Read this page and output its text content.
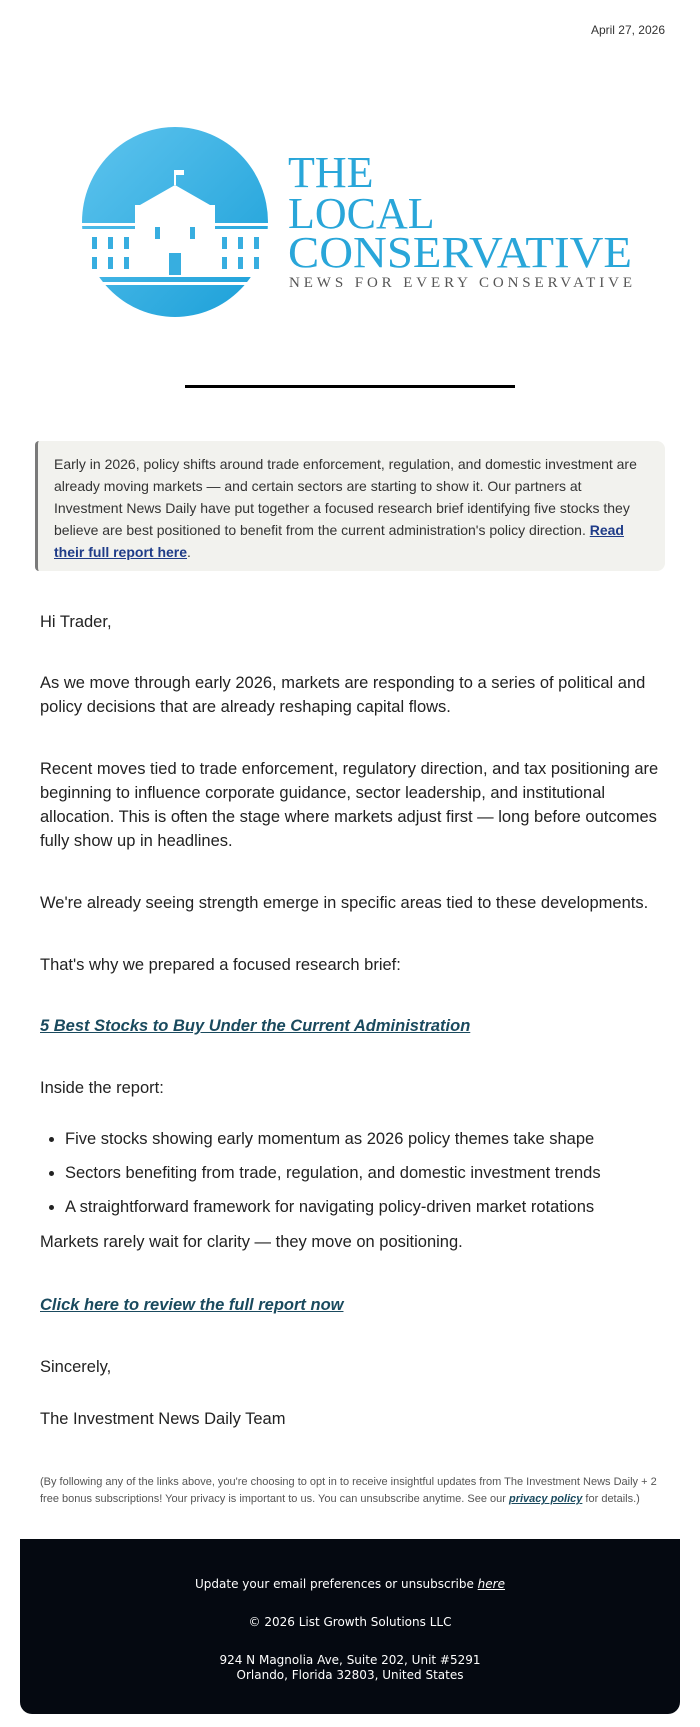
April 27, 2026
THE
LOCAL
CONSERVATIVE
NEWS FOR EVERY CONSERVATIVE
Early in 2026, policy shifts around trade enforcement, regulation, and domestic investment are already moving markets — and certain sectors are starting to show it. Our partners at Investment News Daily have put together a focused research brief identifying five stocks they believe are best positioned to benefit from the current administration's policy direction. Read their full report here.
Hi Trader,
As we move through early 2026, markets are responding to a series of political and policy decisions that are already reshaping capital flows.
Recent moves tied to trade enforcement, regulatory direction, and tax positioning are beginning to influence corporate guidance, sector leadership, and institutional allocation. This is often the stage where markets adjust first — long before outcomes fully show up in headlines.
We're already seeing strength emerge in specific areas tied to these developments.
That's why we prepared a focused research brief:
5 Best Stocks to Buy Under the Current Administration
Inside the report:
• Five stocks showing early momentum as 2026 policy themes take shape
• Sectors benefiting from trade, regulation, and domestic investment trends
• A straightforward framework for navigating policy-driven market rotations
Markets rarely wait for clarity — they move on positioning.
Click here to review the full report now
Sincerely,
The Investment News Daily Team
(By following any of the links above, you're choosing to opt in to receive insightful updates from The Investment News Daily + 2 free bonus subscriptions! Your privacy is important to us. You can unsubscribe anytime. See our privacy policy for details.)
Update your email preferences or unsubscribe here
© 2026 List Growth Solutions LLC
924 N Magnolia Ave, Suite 202, Unit #5291
Orlando, Florida 32803, United States
